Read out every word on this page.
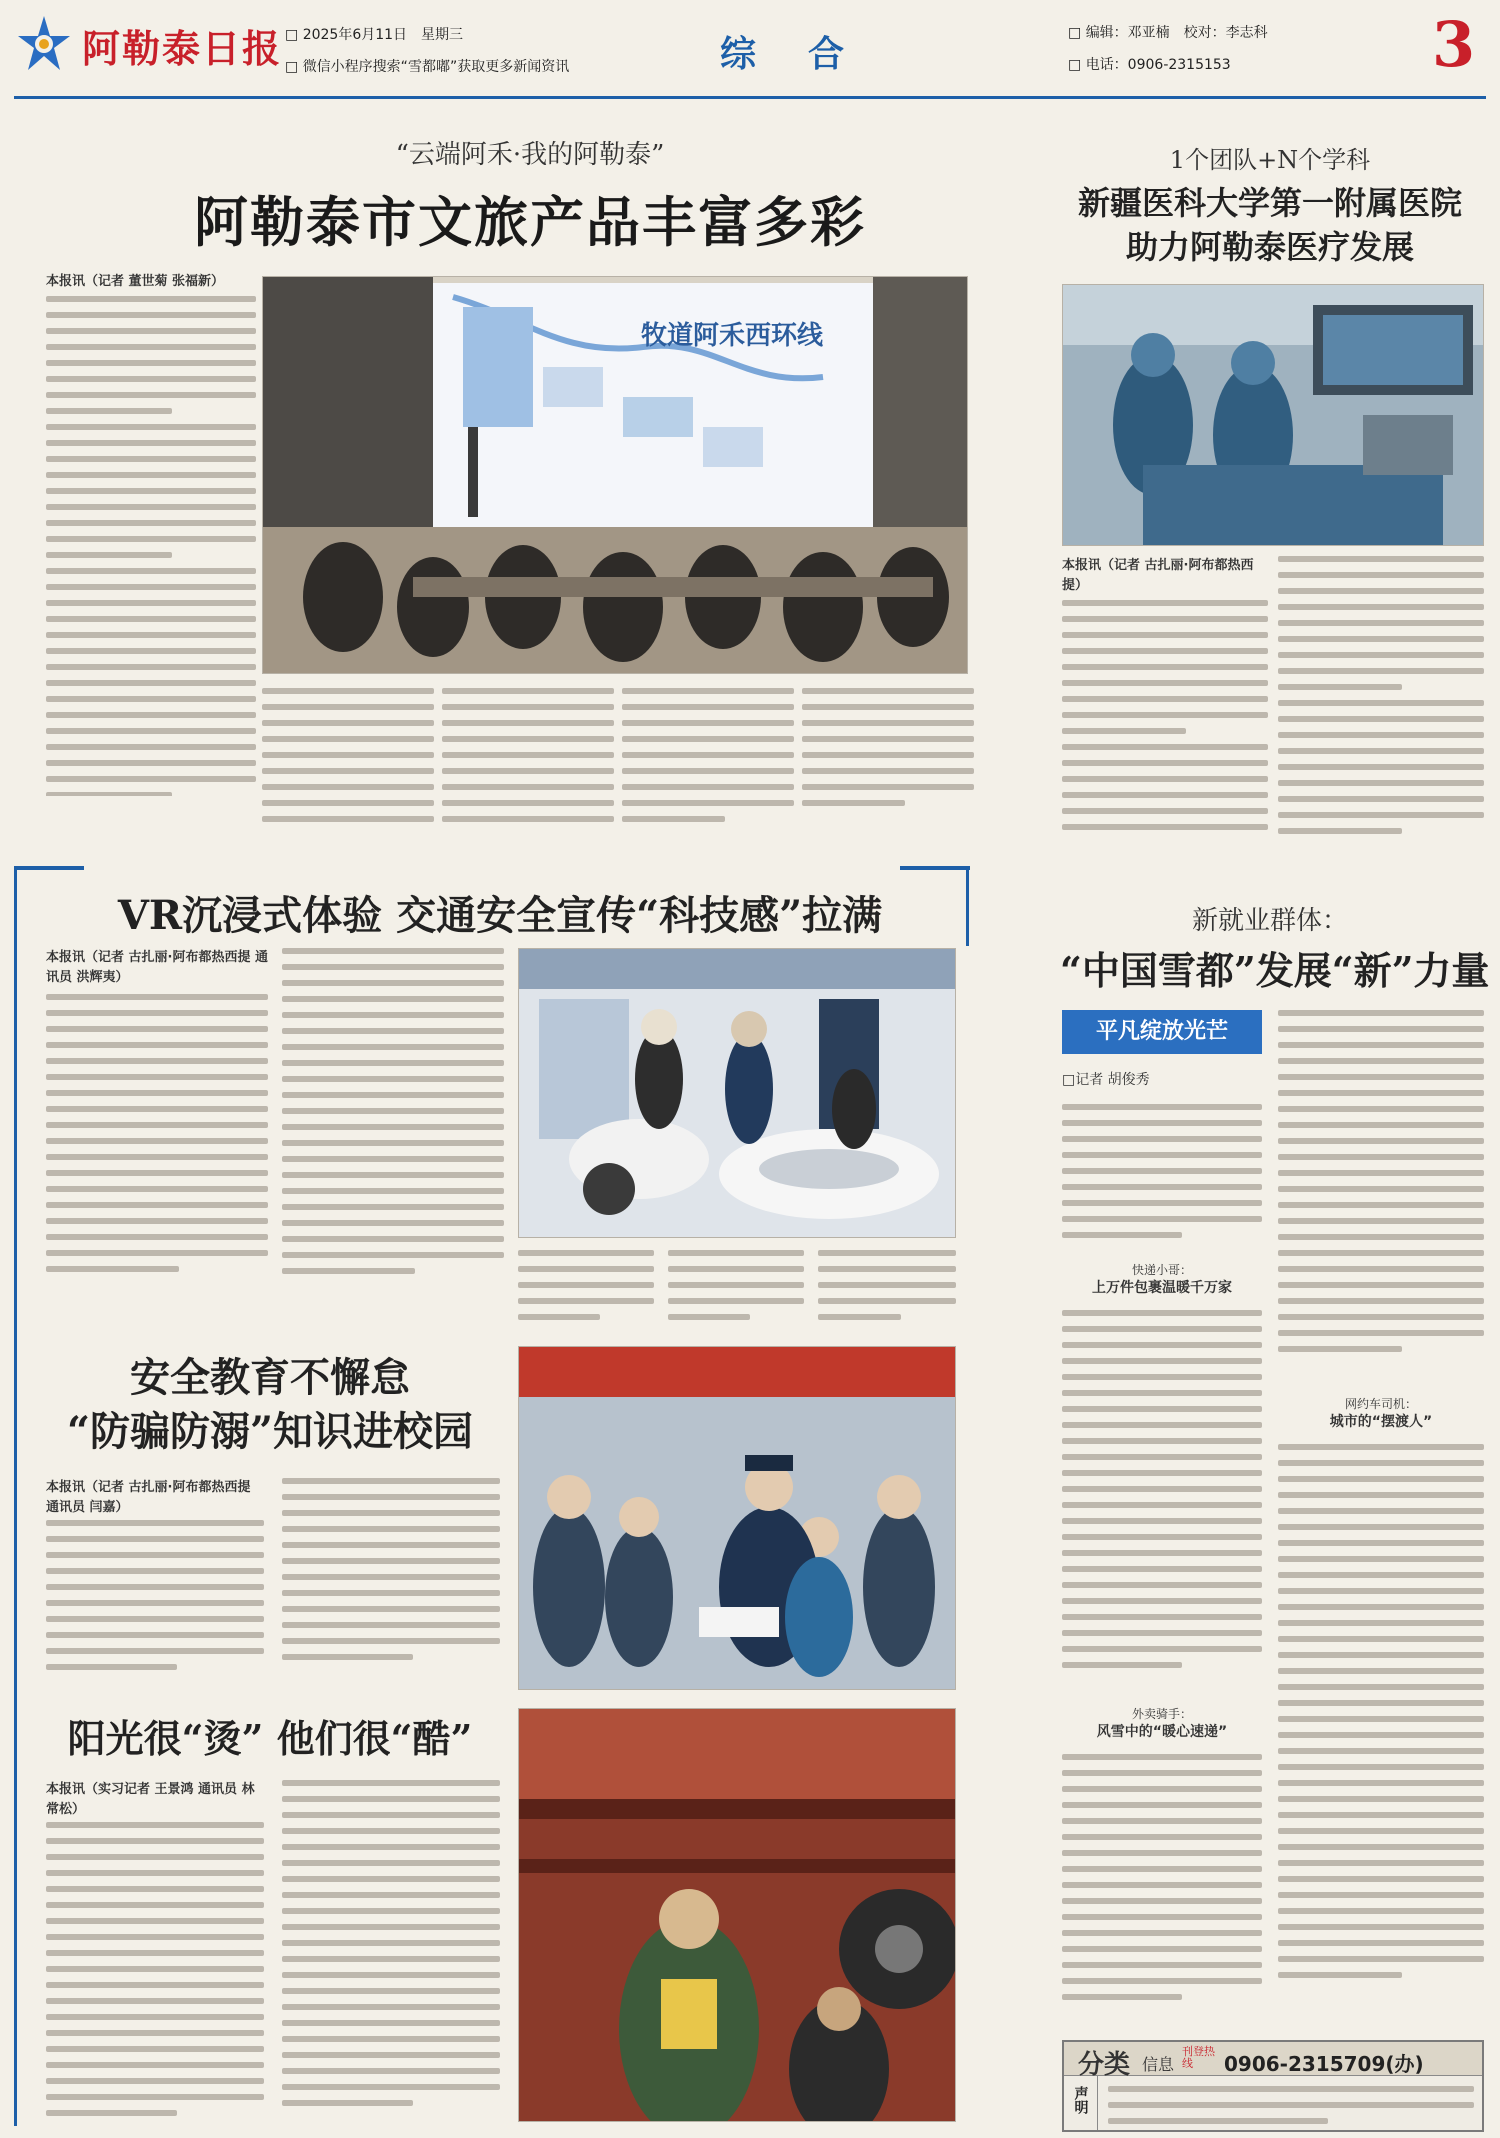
阿勒泰日报 □ 2025年6月11日　星期三
□ 微信小程序搜索“雪都嘟”获取更多新闻资讯	综　合	□ 编辑：邓亚楠　校对：李志科
□ 电话：0906-2315153	3
“云端阿禾·我的阿勒泰”
阿勒泰市文旅产品丰富多彩
本报讯（记者 董世菊 张福新）
牧道阿禾西环线
1个团队+N个学科
新疆医科大学第一附属医院
助力阿勒泰医疗发展
本报讯（记者 古扎丽·阿布都热西提）
VR沉浸式体验 交通安全宣传“科技感”拉满
本报讯（记者 古扎丽·阿布都热西提 通讯员 洪辉夷）
安全教育不懈怠
“防骗防溺”知识进校园
本报讯（记者 古扎丽·阿布都热西提 通讯员 闫嘉）
阳光很“烫” 他们很“酷”
本报讯（实习记者 王景鸿 通讯员 林常松）
新就业群体：
“中国雪都”发展“新”力量
平凡绽放光芒
□记者 胡俊秀
快递小哥：
上万件包裹温暖千万家
外卖骑手：
风雪中的“暖心速递”
网约车司机：
城市的“摆渡人”
分类 信息
刊登热线	0906-2315709(办)
声明
